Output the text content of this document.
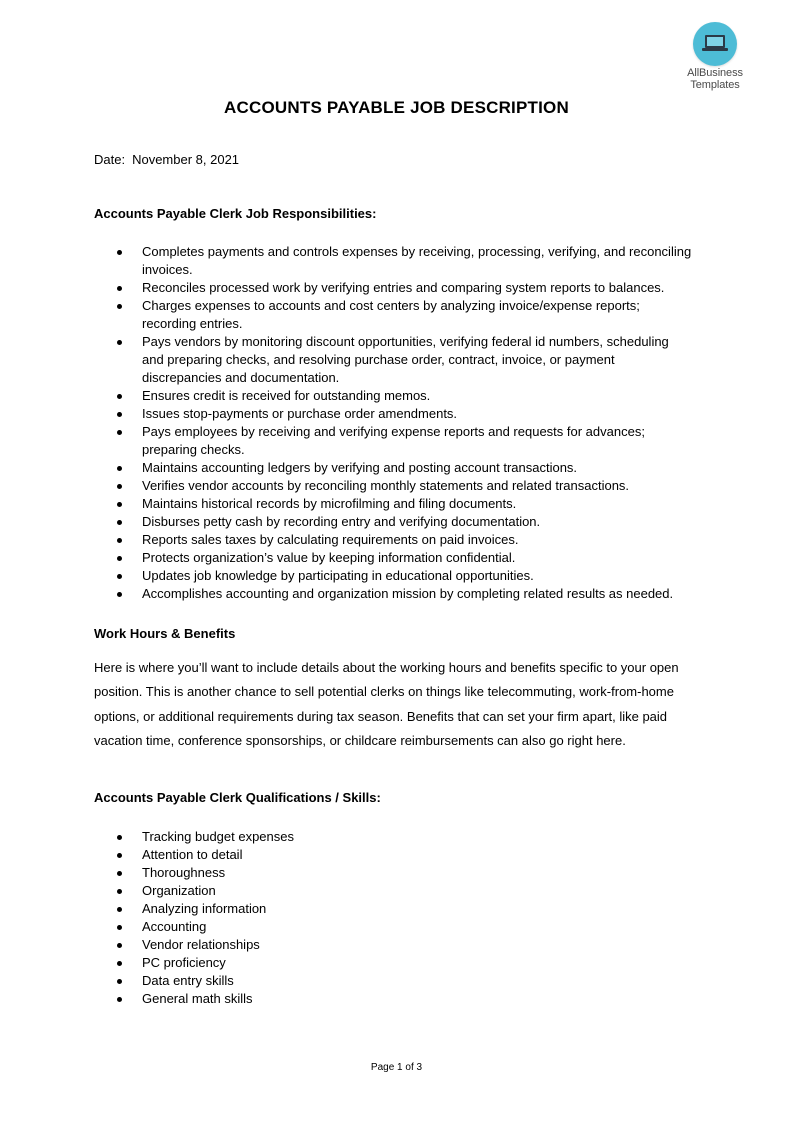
AllBusiness
Templates
ACCOUNTS PAYABLE JOB DESCRIPTION
Date: November 8, 2021
Accounts Payable Clerk Job Responsibilities:
Completes payments and controls expenses by receiving, processing, verifying, and reconciling invoices.
Reconciles processed work by verifying entries and comparing system reports to balances.
Charges expenses to accounts and cost centers by analyzing invoice/expense reports; recording entries.
Pays vendors by monitoring discount opportunities, verifying federal id numbers, scheduling and preparing checks, and resolving purchase order, contract, invoice, or payment discrepancies and documentation.
Ensures credit is received for outstanding memos.
Issues stop-payments or purchase order amendments.
Pays employees by receiving and verifying expense reports and requests for advances; preparing checks.
Maintains accounting ledgers by verifying and posting account transactions.
Verifies vendor accounts by reconciling monthly statements and related transactions.
Maintains historical records by microfilming and filing documents.
Disburses petty cash by recording entry and verifying documentation.
Reports sales taxes by calculating requirements on paid invoices.
Protects organization’s value by keeping information confidential.
Updates job knowledge by participating in educational opportunities.
Accomplishes accounting and organization mission by completing related results as needed.
Work Hours & Benefits
Here is where you’ll want to include details about the working hours and benefits specific to your open position. This is another chance to sell potential clerks on things like telecommuting, work-from-home options, or additional requirements during tax season. Benefits that can set your firm apart, like paid vacation time, conference sponsorships, or childcare reimbursements can also go right here.
Accounts Payable Clerk Qualifications / Skills:
Tracking budget expenses
Attention to detail
Thoroughness
Organization
Analyzing information
Accounting
Vendor relationships
PC proficiency
Data entry skills
General math skills
Page 1 of 3
